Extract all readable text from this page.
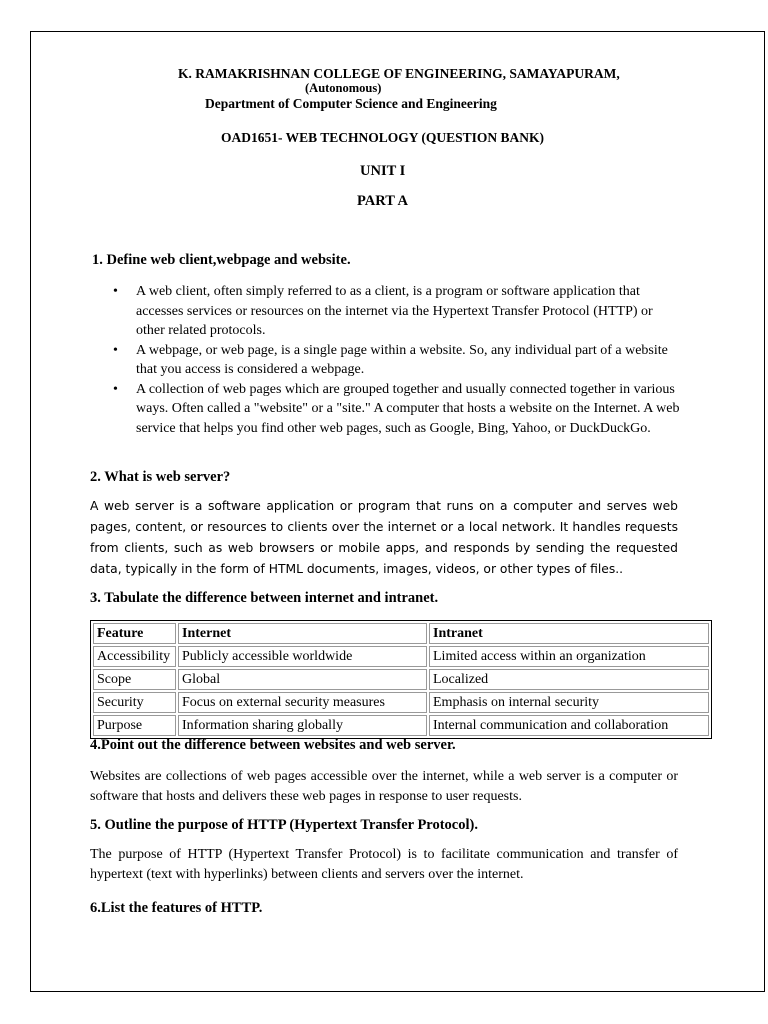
K. RAMAKRISHNAN COLLEGE OF ENGINEERING, SAMAYAPURAM,
(Autonomous)
Department of Computer Science and Engineering
OAD1651- WEB TECHNOLOGY (QUESTION BANK)
UNIT I
PART A
1. Define web client,webpage and website.
• A web client, often simply referred to as a client, is a program or software application that accesses services or resources on the internet via the Hypertext Transfer Protocol (HTTP) or other related protocols.
• A webpage, or web page, is a single page within a website. So, any individual part of a website that you access is considered a webpage.
• A collection of web pages which are grouped together and usually connected together in various ways. Often called a "website" or a "site." A computer that hosts a website on the Internet. A web service that helps you find other web pages, such as Google, Bing, Yahoo, or DuckDuckGo.
2. What is web server?
A web server is a software application or program that runs on a computer and serves web pages, content, or resources to clients over the internet or a local network. It handles requests from clients, such as web browsers or mobile apps, and responds by sending the requested data, typically in the form of HTML documents, images, videos, or other types of files..
3. Tabulate the difference between internet and intranet.
Feature	Internet	Intranet
Accessibility	Publicly accessible worldwide	Limited access within an organization
Scope	Global	Localized
Security	Focus on external security measures	Emphasis on internal security
Purpose	Information sharing globally	Internal communication and collaboration
4.Point out the difference between websites and web server.
Websites are collections of web pages accessible over the internet, while a web server is a computer or software that hosts and delivers these web pages in response to user requests.
5. Outline the purpose of HTTP (Hypertext Transfer Protocol).
The purpose of HTTP (Hypertext Transfer Protocol) is to facilitate communication and transfer of hypertext (text with hyperlinks) between clients and servers over the internet.
6.List the features of HTTP.
